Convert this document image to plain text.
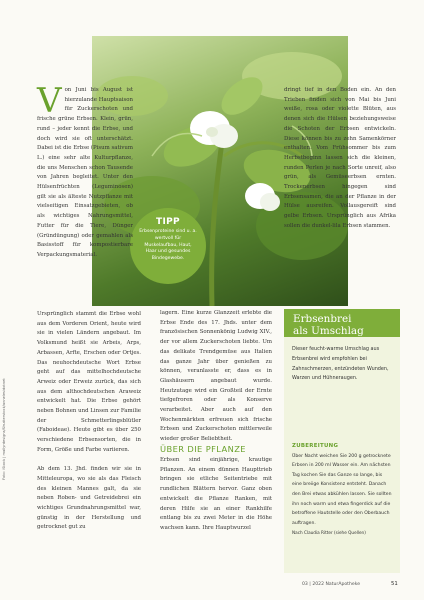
TIPP
Erbsenproteine sind u. a. wertvoll für Muskelaufbau, Haut, Haar und gesundes Bindegewebe.

Von Juni bis August ist hierzulande Hauptsaison für Zuckerschoten und frische grüne Erbsen. Klein, grün, rund – jeder kennt die Erbse, und doch wird sie oft unterschätzt. Dabei ist die Erbse (Pisum sativum L.) eine sehr alte Kulturpflanze, die uns Menschen schon Tausende von Jahren begleitet. Unter den Hülsenfrüchten (Leguminosen) gilt sie als älteste Nutzpflanze mit vielseitigen Einsatzgebieten, ob als wichtiges Nahrungsmittel, Futter für die Tiere, Dünger (Gründüngung) oder gemahlen als Basisstoff für kompostierbare Verpackungsmaterial.

Ursprünglich stammt die Erbse wohl aus dem Vorderen Orient, heute wird sie in vielen Ländern angebaut. Im Volksmund heißt sie Arbeis, Arps, Arbassen, Arfte, Erschen oder Ortjes. Das neuhochdeutsche Wort Erbse geht auf das mittelhochdeutsche Arweiz oder Erweiz zurück, das sich aus dem althochdeutschen Araweiz entwickelt hat. Die Erbse gehört neben Bohnen und Linsen zur Familie der Schmetterlingsblütler (Faboideae). Heute gibt es über 250 verschiedene Erbsensorten, die in Form, Größe und Farbe variieren.

Ab dem 13. Jhd. finden wir sie in Mitteleuropa, wo sie als das Fleisch des kleinen Mannes galt, da sie neben Roben- und Getreidebrei ein wichtiges Grundnahrungsmittel war, günstig in der Herstellung und getrocknet gut zu

lagern. Eine kurze Glanzzeit erlebte die Erbse Ende des 17. Jhds. unter dem französischen Sonnenkönig Ludwig XIV., der vor allem Zuckerschoten liebte. Um das delikate Trendgemüse aus Italien das ganze Jahr über genießen zu können, veranlasste er, dass es in Glashäusern angebaut wurde. Heutzutage wird ein Großteil der Ernte tiefgefroren oder als Konserve verarbeitet. Aber auch auf den Wochenmärkten erfreuen sich frische Erbsen und Zuckerschoten mittlerweile wieder großer Beliebtheit.

ÜBER DIE PFLANZE

Erbsen sind einjährige, krautige Pflanzen. An einem dünnen Haupttrieb bringen sie etliche Seitentriebe mit rundlichen Blättern hervor. Ganz oben entwickelt die Pflanze Ranken, mit deren Hilfe sie an einer Rankhilfe entlang bis zu zwei Meter in die Höhe wachsen kann. Ihre Hauptwurzel

dringt tief in den Boden ein. An den Trieben finden sich von Mai bis Juni weiße, rosa oder violette Blüten, aus denen sich die Hülsen beziehungsweise die Schoten der Erbsen entwickeln. Diese können bis zu zehn Samenkörner enthalten. Vom Frühsommer bis zum Herbstbeginn lassen sich die kleinen, runden Perlen je nach Sorte unreif, also grün, als Gemüseerbsen ernten. Trockenerbsen hingegen sind Erbsensamen, die an der Pflanze in der Hülse ausreifen. Vollausgereift sind gelbe Erbsen. Ursprünglich aus Afrika sollen die dunkel-lila Erbsen stammen.

Erbsenbrei
als Umschlag
Dieser feucht-warme Umschlag aus Erbsenbrei wird empfohlen bei Zahnschmerzen, entzündeten Wunden, Warzen und Hühneraugen.
ZUBEREITUNG
Über Nacht weichen Sie 200 g getrocknete Erbsen in 200 ml Wasser ein. Am nächsten Tag kochen Sie das Ganze so lange, bis eine breiige Konsistenz entsteht. Danach den Brei etwas abkühlen lassen. Sie sollten ihn noch warm und etwa fingerdick auf die betroffene Hautstelle oder den Oberbauch auftragen.
Nach Claudia Ritter (siehe Quellen)
Foto: iStock | mallyrdesigns/Shutterstock/annelesidotnet
03 | 2022 NaturApotheke	51
